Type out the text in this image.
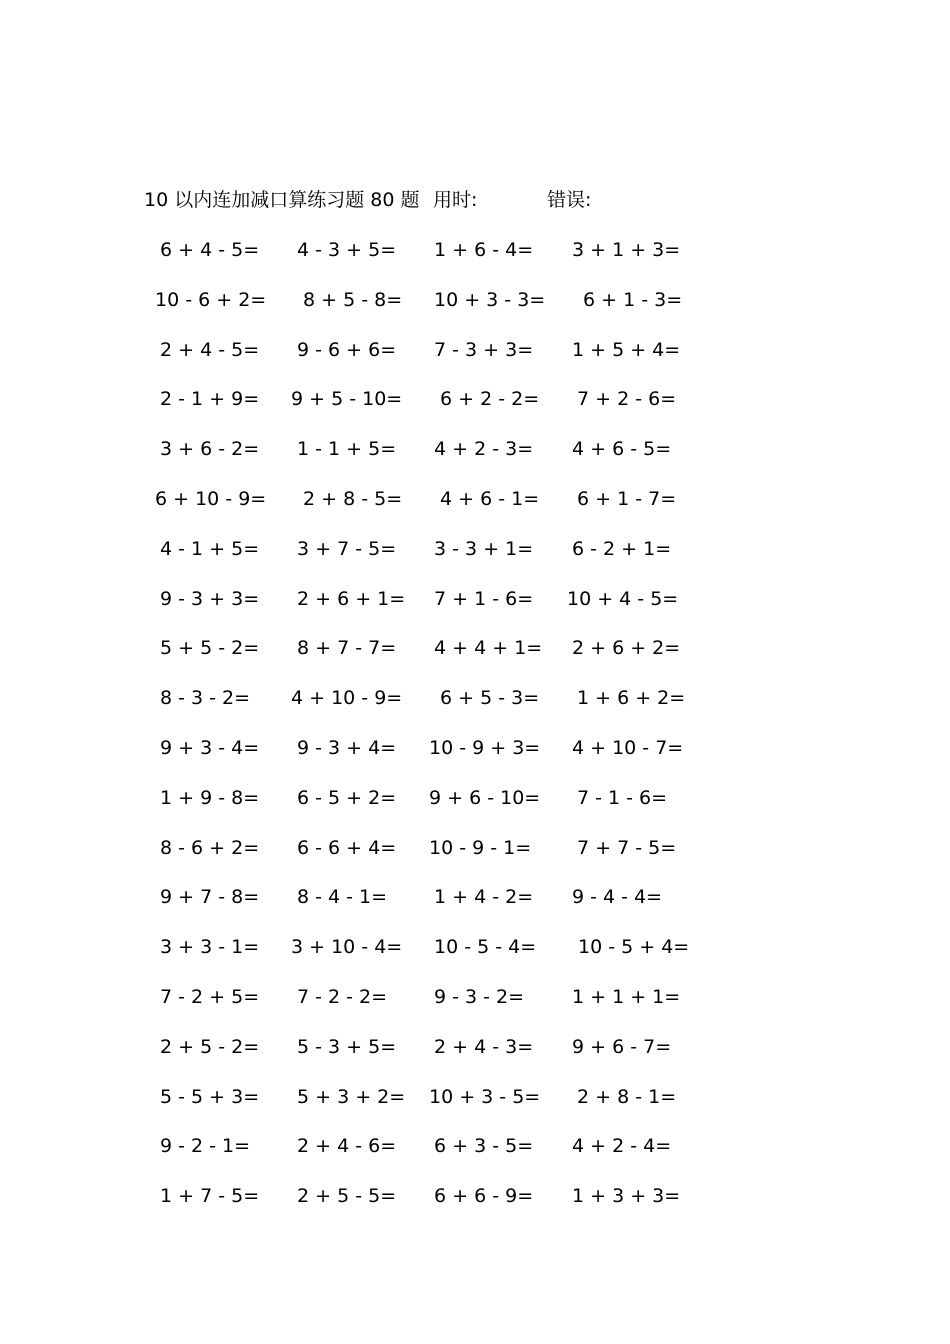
10 以内连加减口算练习题 80 题 用时:	错误:
6 + 4 - 5= 4 - 3 + 5= 1 + 6 - 4= 3 + 1 + 3=
10 - 6 + 2= 8 + 5 - 8= 10 + 3 - 3= 6 + 1 - 3=
2 + 4 - 5= 9 - 6 + 6= 7 - 3 + 3= 1 + 5 + 4=
2 - 1 + 9= 9 + 5 - 10= 6 + 2 - 2= 7 + 2 - 6=
3 + 6 - 2= 1 - 1 + 5= 4 + 2 - 3= 4 + 6 - 5=
6 + 10 - 9= 2 + 8 - 5= 4 + 6 - 1= 6 + 1 - 7=
4 - 1 + 5= 3 + 7 - 5= 3 - 3 + 1= 6 - 2 + 1=
9 - 3 + 3= 2 + 6 + 1= 7 + 1 - 6= 10 + 4 - 5=
5 + 5 - 2= 8 + 7 - 7= 4 + 4 + 1= 2 + 6 + 2=
8 - 3 - 2= 4 + 10 - 9= 6 + 5 - 3= 1 + 6 + 2=
9 + 3 - 4= 9 - 3 + 4= 10 - 9 + 3= 4 + 10 - 7=
1 + 9 - 8= 6 - 5 + 2= 9 + 6 - 10= 7 - 1 - 6=
8 - 6 + 2= 6 - 6 + 4= 10 - 9 - 1= 7 + 7 - 5=
9 + 7 - 8= 8 - 4 - 1= 1 + 4 - 2= 9 - 4 - 4=
3 + 3 - 1= 3 + 10 - 4= 10 - 5 - 4= 10 - 5 + 4=
7 - 2 + 5= 7 - 2 - 2= 9 - 3 - 2=	1 + 1 + 1=
2 + 5 - 2= 5 - 3 + 5= 2 + 4 - 3= 9 + 6 - 7=
5 - 5 + 3= 5 + 3 + 2= 10 + 3 - 5= 2 + 8 - 1=
9 - 2 - 1= 2 + 4 - 6= 6 + 3 - 5= 4 + 2 - 4=
1 + 7 - 5= 2 + 5 - 5= 6 + 6 - 9= 1 + 3 + 3=
